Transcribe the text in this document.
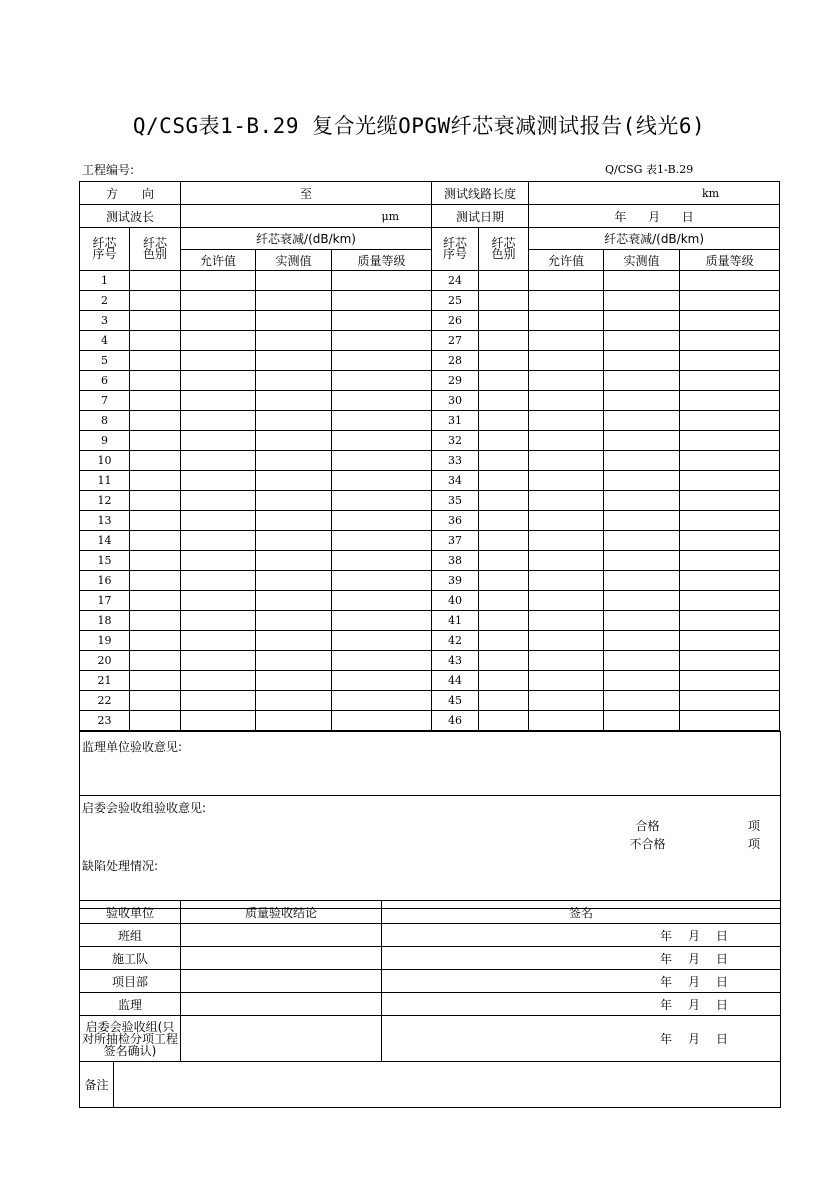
Q/CSG表1-B.29 复合光缆OPGW纤芯衰减测试报告(线光6)
工程编号:	Q/CSG 表1-B.29
方　　向		至			测试线路长度		km		
测试波长		μm			测试日期		年 月 日		
纤芯序号	纤芯色别	纤芯衰减/(dB/km)			纤芯序号	纤芯色别	纤芯衰减/(dB/km)		
		允许值	实测值	质量等级			允许值	实测值	质量等级
1					24				
2					25				
3					26				
4					27				
5					28				
6					29				
7					30				
8					31				
9					32				
10					33				
11					34				
12					35				
13					36				
14					37				
15					38				
16					39				
17					40				
18					41				
19					42				
20					43				
21					44				
22					45				
23					46				
监理单位验收意见:

启委会验收组验收意见:
合格	项
不合格	项
缺陷处理情况:
验收单位	质量验收结论	签名
班组		年 月 日
施工队		年 月 日
项目部		年 月 日
监理		年 月 日
启委会验收组(只对所抽检分项工程签名确认)		年 月 日

备注		
